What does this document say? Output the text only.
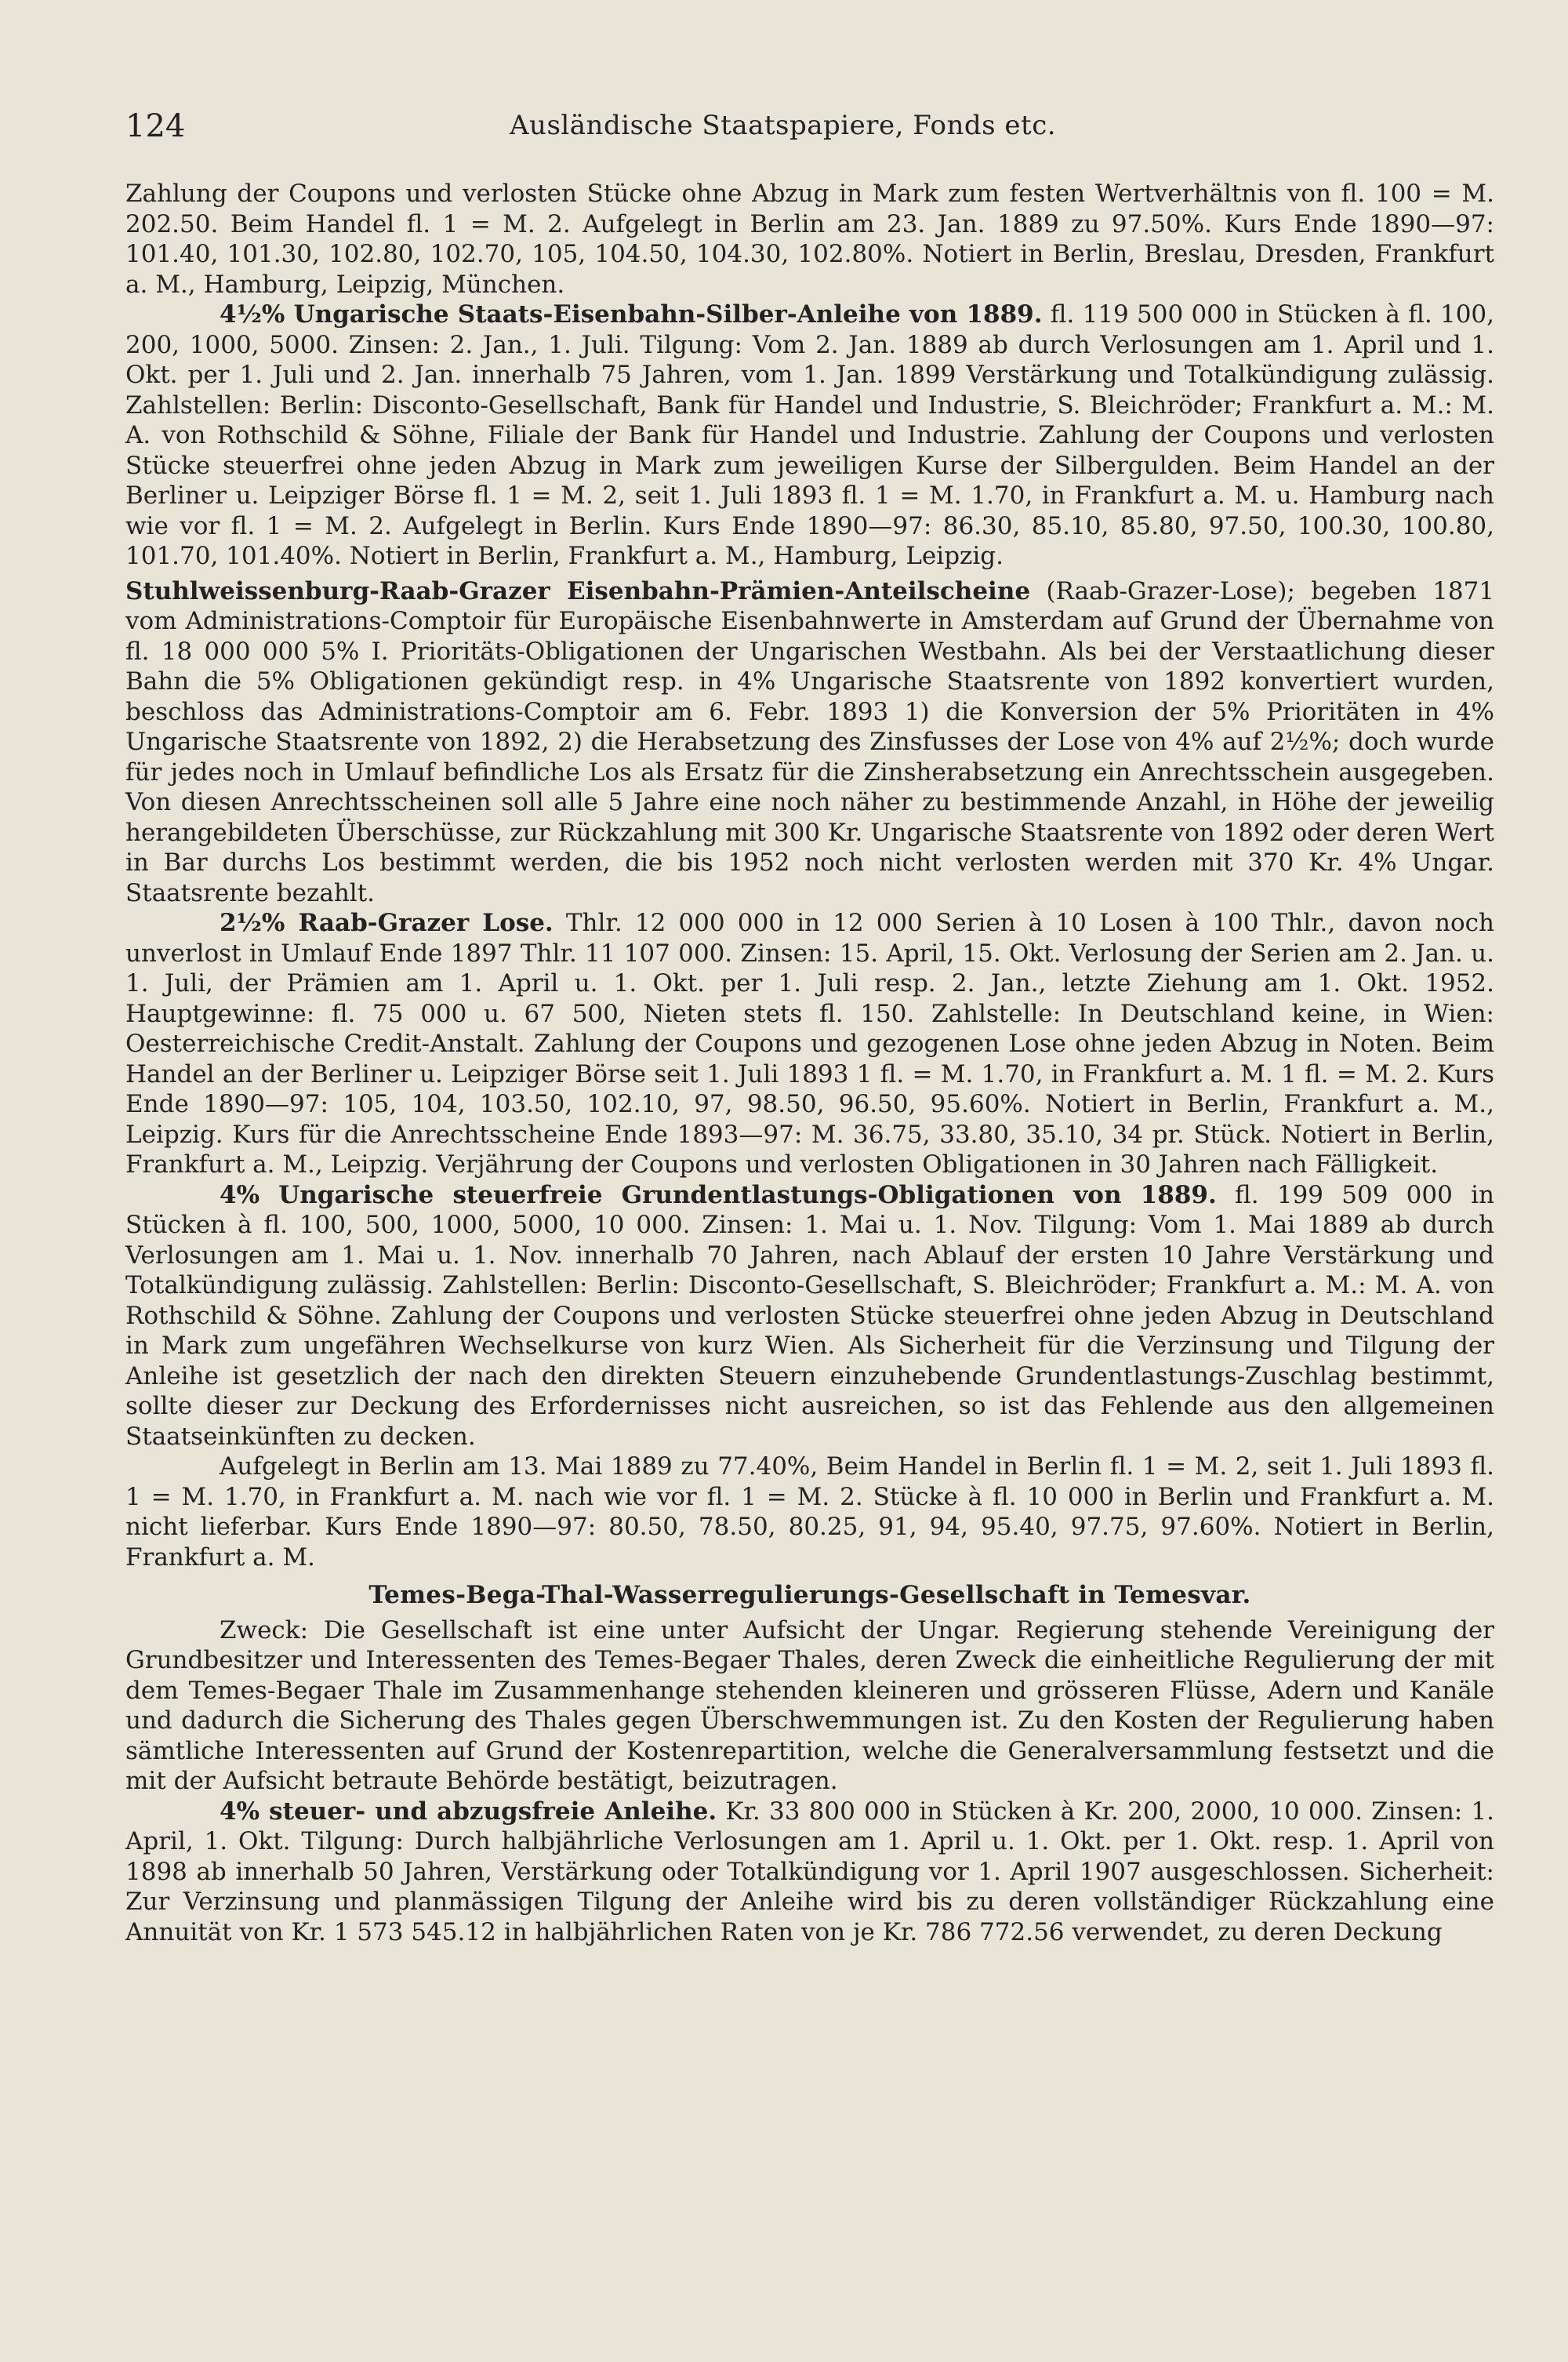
124	Ausländische Staatspapiere, Fonds etc.

Zahlung der Coupons und verlosten Stücke ohne Abzug in Mark zum festen Wertverhältnis von fl. 100 = M. 202.50. Beim Handel fl. 1 = M. 2. Aufgelegt in Berlin am 23. Jan. 1889 zu 97.50%. Kurs Ende 1890—97: 101.40, 101.30, 102.80, 102.70, 105, 104.50, 104.30, 102.80%. Notiert in Berlin, Breslau, Dresden, Frankfurt a. M., Hamburg, Leipzig, München.

4½% Ungarische Staats-Eisenbahn-Silber-Anleihe von 1889. fl. 119 500 000 in Stücken à fl. 100, 200, 1000, 5000. Zinsen: 2. Jan., 1. Juli. Tilgung: Vom 2. Jan. 1889 ab durch Verlosungen am 1. April und 1. Okt. per 1. Juli und 2. Jan. innerhalb 75 Jahren, vom 1. Jan. 1899 Verstärkung und Totalkündigung zulässig. Zahlstellen: Berlin: Disconto-Gesellschaft, Bank für Handel und Industrie, S. Bleichröder; Frankfurt a. M.: M. A. von Rothschild & Söhne, Filiale der Bank für Handel und Industrie. Zahlung der Coupons und verlosten Stücke steuerfrei ohne jeden Abzug in Mark zum jeweiligen Kurse der Silbergulden. Beim Handel an der Berliner u. Leipziger Börse fl. 1 = M. 2, seit 1. Juli 1893 fl. 1 = M. 1.70, in Frankfurt a. M. u. Hamburg nach wie vor fl. 1 = M. 2. Aufgelegt in Berlin. Kurs Ende 1890—97: 86.30, 85.10, 85.80, 97.50, 100.30, 100.80, 101.70, 101.40%. Notiert in Berlin, Frankfurt a. M., Hamburg, Leipzig.

Stuhlweissenburg-Raab-Grazer Eisenbahn-Prämien-Anteilscheine (Raab-Grazer-Lose); begeben 1871 vom Administrations-Comptoir für Europäische Eisenbahnwerte in Amsterdam auf Grund der Übernahme von fl. 18 000 000 5% I. Prioritäts-Obligationen der Ungarischen Westbahn. Als bei der Verstaatlichung dieser Bahn die 5% Obligationen gekündigt resp. in 4% Ungarische Staatsrente von 1892 konvertiert wurden, beschloss das Administrations-Comptoir am 6. Febr. 1893 1) die Konversion der 5% Prioritäten in 4% Ungarische Staatsrente von 1892, 2) die Herabsetzung des Zinsfusses der Lose von 4% auf 2½%; doch wurde für jedes noch in Umlauf befindliche Los als Ersatz für die Zinsherabsetzung ein Anrechtsschein ausgegeben. Von diesen Anrechtsscheinen soll alle 5 Jahre eine noch näher zu bestimmende Anzahl, in Höhe der jeweilig herangebildeten Überschüsse, zur Rückzahlung mit 300 Kr. Ungarische Staatsrente von 1892 oder deren Wert in Bar durchs Los bestimmt werden, die bis 1952 noch nicht verlosten werden mit 370 Kr. 4% Ungar. Staatsrente bezahlt.

2½% Raab-Grazer Lose. Thlr. 12 000 000 in 12 000 Serien à 10 Losen à 100 Thlr., davon noch unverlost in Umlauf Ende 1897 Thlr. 11 107 000. Zinsen: 15. April, 15. Okt. Verlosung der Serien am 2. Jan. u. 1. Juli, der Prämien am 1. April u. 1. Okt. per 1. Juli resp. 2. Jan., letzte Ziehung am 1. Okt. 1952. Hauptgewinne: fl. 75 000 u. 67 500, Nieten stets fl. 150. Zahlstelle: In Deutschland keine, in Wien: Oesterreichische Credit-Anstalt. Zahlung der Coupons und gezogenen Lose ohne jeden Abzug in Noten. Beim Handel an der Berliner u. Leipziger Börse seit 1. Juli 1893 1 fl. = M. 1.70, in Frankfurt a. M. 1 fl. = M. 2. Kurs Ende 1890—97: 105, 104, 103.50, 102.10, 97, 98.50, 96.50, 95.60%. Notiert in Berlin, Frankfurt a. M., Leipzig. Kurs für die Anrechtsscheine Ende 1893—97: M. 36.75, 33.80, 35.10, 34 pr. Stück. Notiert in Berlin, Frankfurt a. M., Leipzig. Verjährung der Coupons und verlosten Obligationen in 30 Jahren nach Fälligkeit.

4% Ungarische steuerfreie Grundentlastungs-Obligationen von 1889. fl. 199 509 000 in Stücken à fl. 100, 500, 1000, 5000, 10 000. Zinsen: 1. Mai u. 1. Nov. Tilgung: Vom 1. Mai 1889 ab durch Verlosungen am 1. Mai u. 1. Nov. innerhalb 70 Jahren, nach Ablauf der ersten 10 Jahre Verstärkung und Totalkündigung zulässig. Zahlstellen: Berlin: Disconto-Gesellschaft, S. Bleichröder; Frankfurt a. M.: M. A. von Rothschild & Söhne. Zahlung der Coupons und verlosten Stücke steuerfrei ohne jeden Abzug in Deutschland in Mark zum ungefähren Wechselkurse von kurz Wien. Als Sicherheit für die Verzinsung und Tilgung der Anleihe ist gesetzlich der nach den direkten Steuern einzuhebende Grundentlastungs-Zuschlag bestimmt, sollte dieser zur Deckung des Erfordernisses nicht ausreichen, so ist das Fehlende aus den allgemeinen Staatseinkünften zu decken.

Aufgelegt in Berlin am 13. Mai 1889 zu 77.40%, Beim Handel in Berlin fl. 1 = M. 2, seit 1. Juli 1893 fl. 1 = M. 1.70, in Frankfurt a. M. nach wie vor fl. 1 = M. 2. Stücke à fl. 10 000 in Berlin und Frankfurt a. M. nicht lieferbar. Kurs Ende 1890—97: 80.50, 78.50, 80.25, 91, 94, 95.40, 97.75, 97.60%. Notiert in Berlin, Frankfurt a. M.

Temes-Bega-Thal-Wasserregulierungs-Gesellschaft in Temesvar.

Zweck: Die Gesellschaft ist eine unter Aufsicht der Ungar. Regierung stehende Vereinigung der Grundbesitzer und Interessenten des Temes-Begaer Thales, deren Zweck die einheitliche Regulierung der mit dem Temes-Begaer Thale im Zusammenhange stehenden kleineren und grösseren Flüsse, Adern und Kanäle und dadurch die Sicherung des Thales gegen Überschwemmungen ist. Zu den Kosten der Regulierung haben sämtliche Interessenten auf Grund der Kostenrepartition, welche die Generalversammlung festsetzt und die mit der Aufsicht betraute Behörde bestätigt, beizutragen.

4% steuer- und abzugsfreie Anleihe. Kr. 33 800 000 in Stücken à Kr. 200, 2000, 10 000. Zinsen: 1. April, 1. Okt. Tilgung: Durch halbjährliche Verlosungen am 1. April u. 1. Okt. per 1. Okt. resp. 1. April von 1898 ab innerhalb 50 Jahren, Verstärkung oder Totalkündigung vor 1. April 1907 ausgeschlossen. Sicherheit: Zur Verzinsung und planmässigen Tilgung der Anleihe wird bis zu deren vollständiger Rückzahlung eine Annuität von Kr. 1 573 545.12 in halbjährlichen Raten von je Kr. 786 772.56 verwendet, zu deren Deckung
